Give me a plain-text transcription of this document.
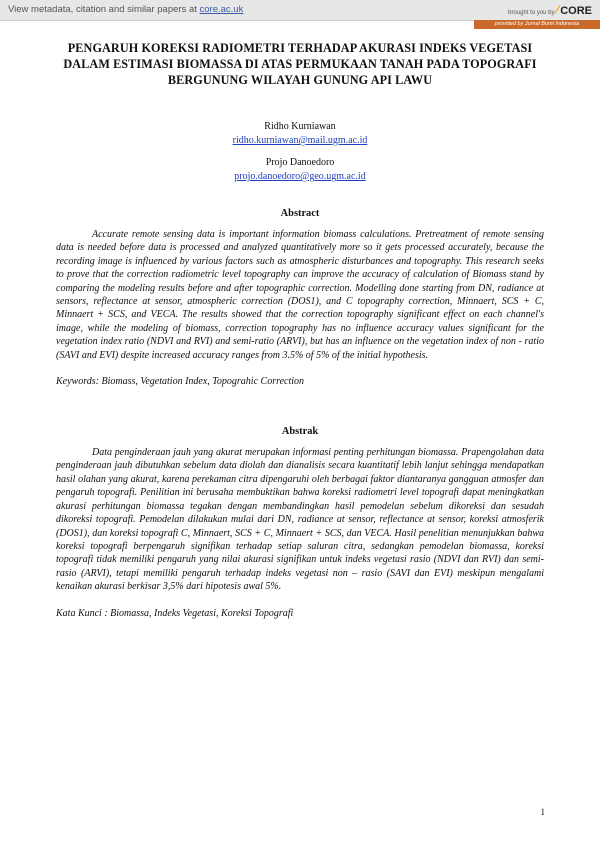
View metadata, citation and similar papers at core.ac.uk	brought to you by ⁄ CORE
provided by Jurnal Bumi Indonesia
PENGARUH KOREKSI RADIOMETRI TERHADAP AKURASI INDEKS VEGETASI DALAM ESTIMASI BIOMASSA DI ATAS PERMUKAAN TANAH PADA TOPOGRAFI BERGUNUNG WILAYAH GUNUNG API LAWU
Ridho Kurniawan
ridho.kurniawan@mail.ugm.ac.id
Projo Danoedoro
projo.danoedoro@geo.ugm.ac.id
Abstract

Accurate remote sensing data is important information biomass calculations. Pretreatment of remote sensing data is needed before data is processed and analyzed quantitatively more so it gets processed accurately, because the recording image is influenced by various factors such as atmospheric disturbances and topography. This research seeks to prove that the correction radiometric level topography can improve the accuracy of calculation of Biomass stand by comparing the modeling results before and after topographic correction. Modelling done starting from DN, radiance at sensors, reflectance at sensor, atmospheric correction (DOS1), and C topography correction, Minnaert, SCS + C, Minnaert + SCS, and VECA. The results showed that the correction topography significant effect on each channel's image, while the modeling of biomass, correction topography has no influence accuracy values significant for the vegetation index ratio (NDVI and RVI) and semi-ratio (ARVI), but has an influence on the vegetation index of non - ratio (SAVI and EVI) despite increased accuracy ranges from 3.5% of 5% of the initial hypothesis.

Keywords: Biomass, Vegetation Index, Topograhic Correction
Abstrak

Data penginderaan jauh yang akurat merupakan informasi penting perhitungan biomassa. Prapengolahan data penginderaan jauh dibutuhkan sebelum data diolah dan dianalisis secara kuantitatif lebih lanjut sehingga mendapatkan hasil olahan yang akurat, karena perekaman citra dipengaruhi oleh berbagai faktor diantaranya gangguan atmosfer dan pengaruh topografi. Penilitian ini berusaha membuktikan bahwa koreksi radiometri level topografi dapat meningkatkan akurasi perhitungan biomassa tegakan dengan membandingkan hasil pemodelan sebelum dikoreksi dan sesudah dikoreksi topografi. Pemodelan dilakukan mulai dari DN, radiance at sensor, reflectance at sensor, koreksi atmosferik (DOS1), dan koreksi topografi C, Minnaert, SCS + C, Minnaert + SCS, dan VECA. Hasil penelitian menunjukkan bahwa koreksi topografi berpengaruh signifikan terhadap setiap saluran citra, sedangkan pemodelan biomassa, koreksi topografi tidak memiliki pengaruh yang nilai akurasi signifikan untuk indeks vegetasi rasio (NDVI dan RVI) dan semi-rasio (ARVI), tetapi memiliki pengaruh terhadap indeks vegetasi non – rasio (SAVI dan EVI) meskipun mengalami kenaikan akurasi berkisar 3,5% dari hipotesis awal 5%.

Kata Kunci : Biomassa, Indeks Vegetasi, Koreksi Topografi
1
